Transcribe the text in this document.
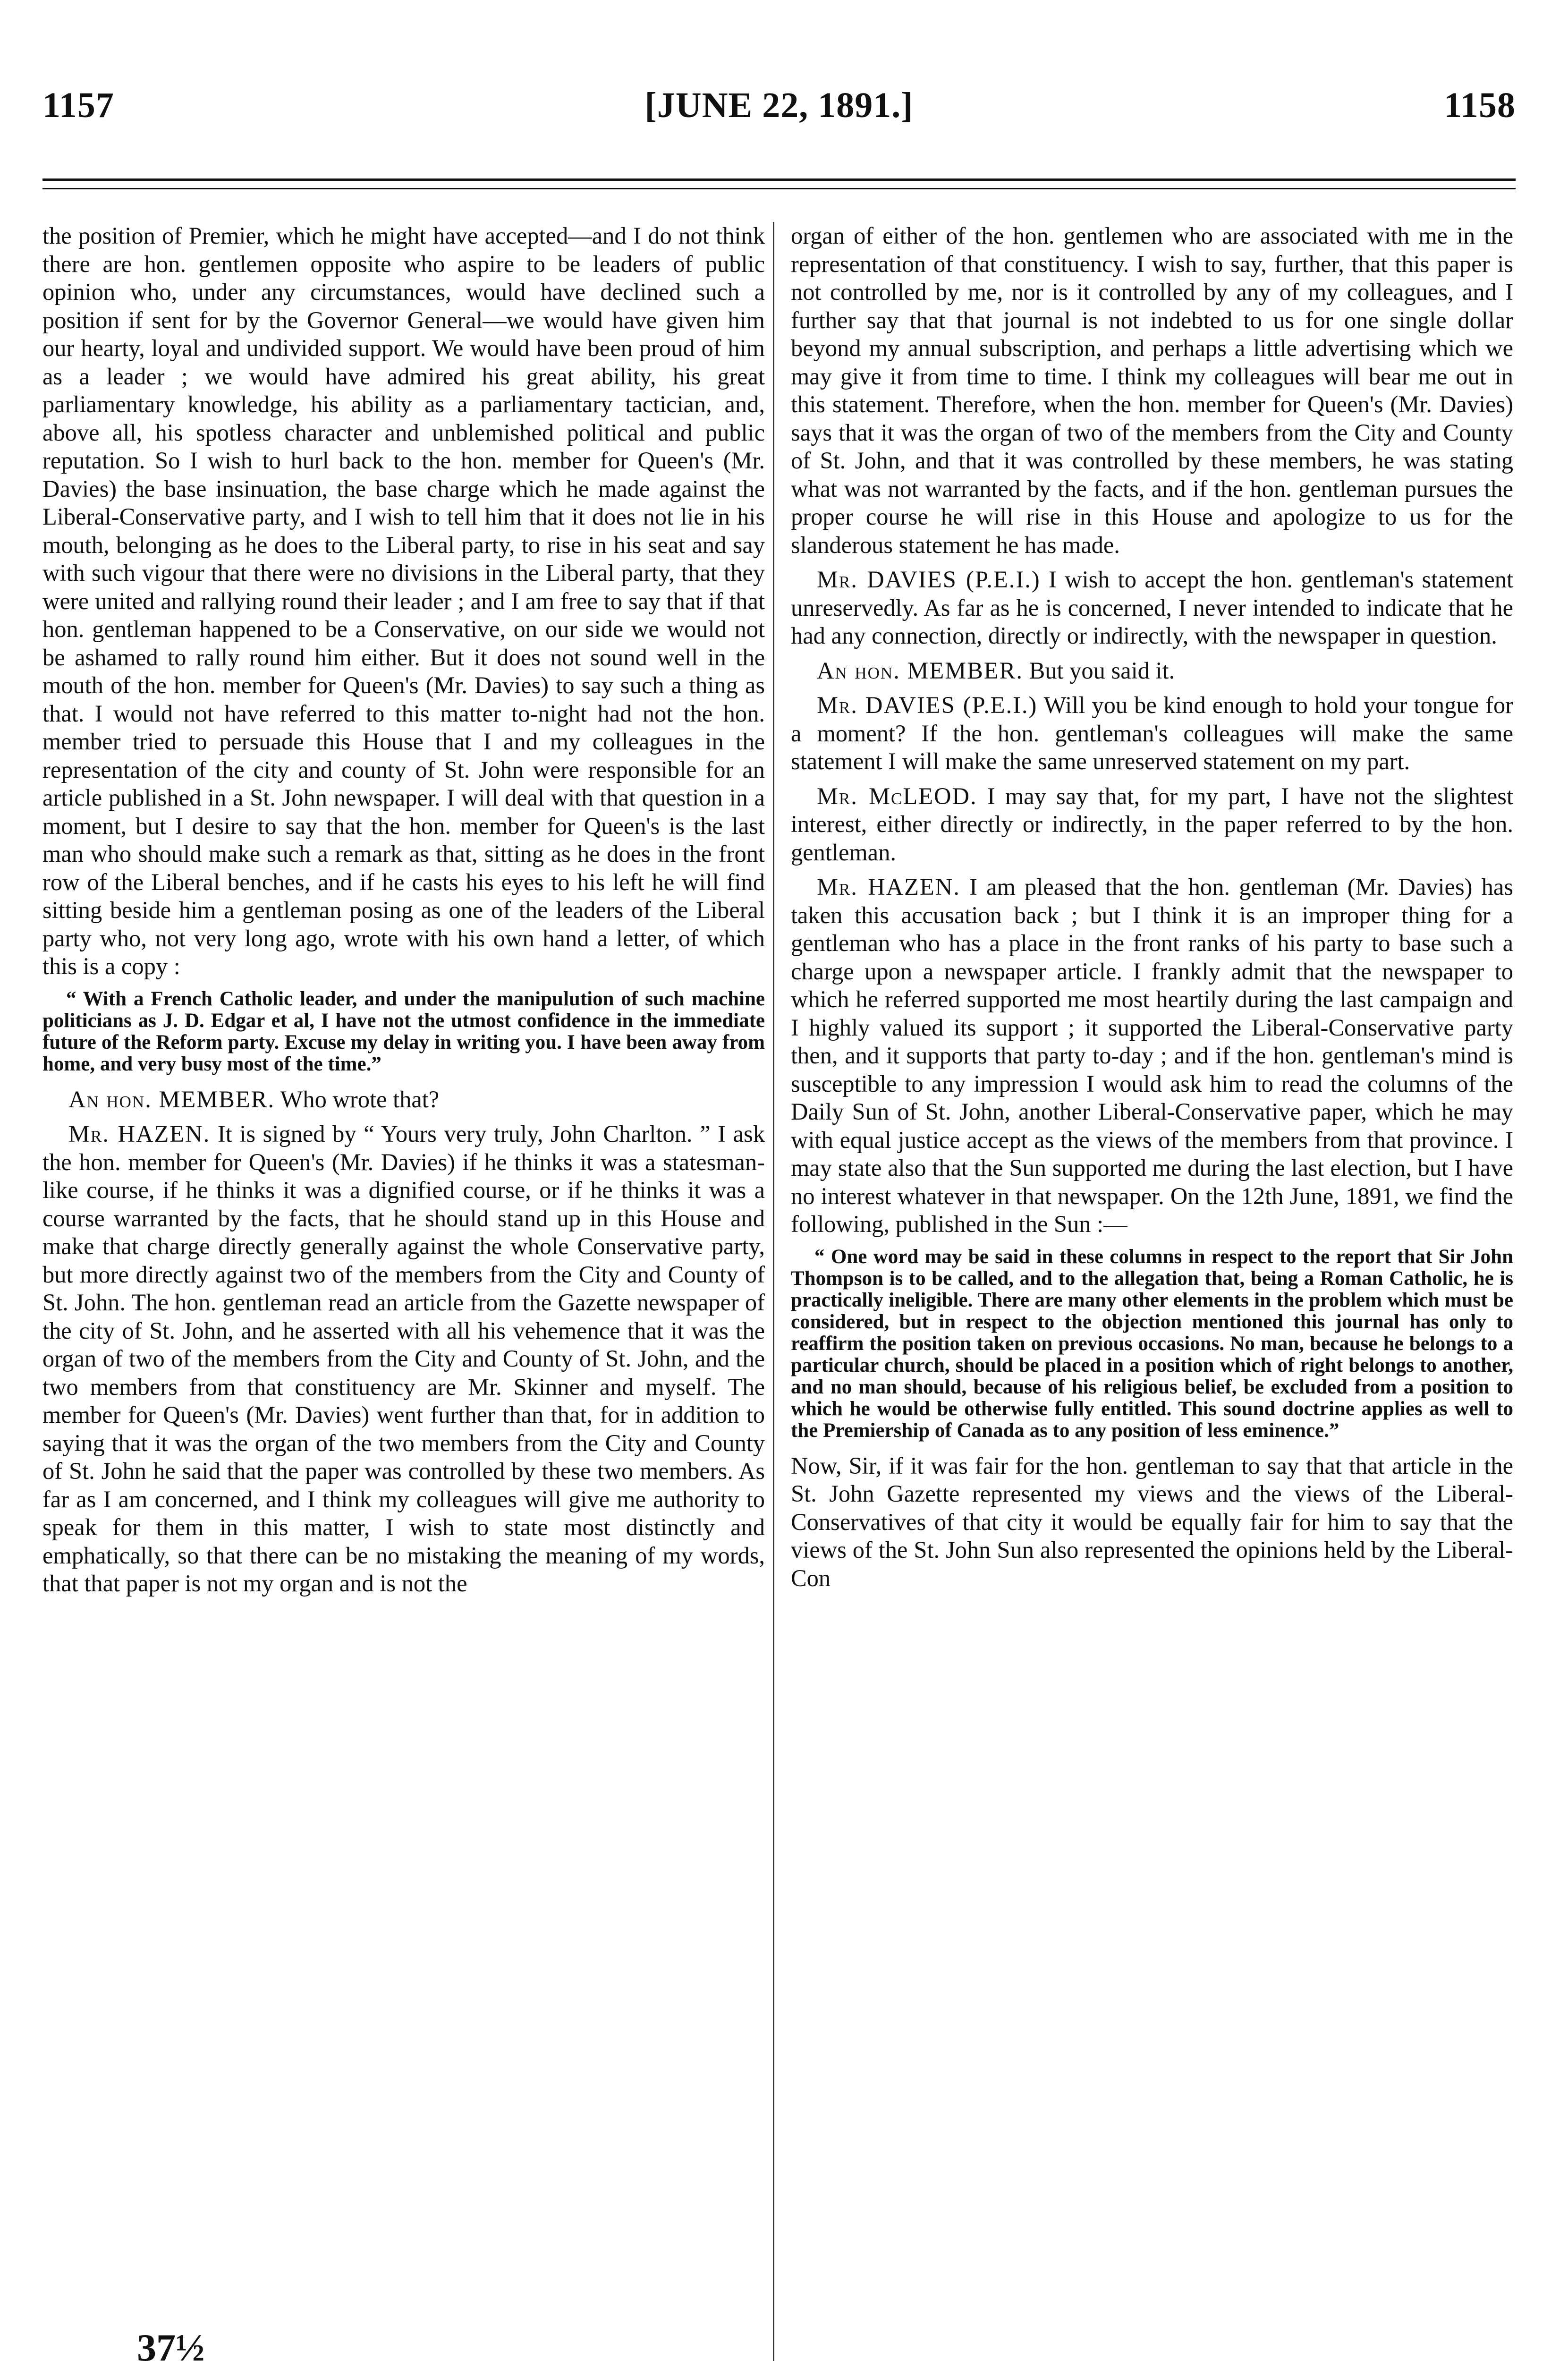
1157	[JUNE 22, 1891.]	1158

the position of Premier, which he might have accepted—and I do not think there are hon. gentlemen opposite who aspire to be leaders of public opinion who, under any circumstances, would have declined such a position if sent for by the Governor General—we would have given him our hearty, loyal and undivided support. We would have been proud of him as a leader ; we would have admired his great ability, his great parliamentary knowledge, his ability as a parliamentary tactician, and, above all, his spotless character and unblemished political and public reputation. So I wish to hurl back to the hon. member for Queen's (Mr. Davies) the base insinuation, the base charge which he made against the Liberal-Conservative party, and I wish to tell him that it does not lie in his mouth, belonging as he does to the Liberal party, to rise in his seat and say with such vigour that there were no divisions in the Liberal party, that they were united and rallying round their leader ; and I am free to say that if that hon. gentleman happened to be a Conservative, on our side we would not be ashamed to rally round him either. But it does not sound well in the mouth of the hon. member for Queen's (Mr. Davies) to say such a thing as that. I would not have referred to this matter to-night had not the hon. member tried to persuade this House that I and my colleagues in the representation of the city and county of St. John were responsible for an article published in a St. John newspaper. I will deal with that question in a moment, but I desire to say that the hon. member for Queen's is the last man who should make such a remark as that, sitting as he does in the front row of the Liberal benches, and if he casts his eyes to his left he will find sitting beside him a gentleman posing as one of the leaders of the Liberal party who, not very long ago, wrote with his own hand a letter, of which this is a copy :

“ With a French Catholic leader, and under the manipulution of such machine politicians as J. D. Edgar et al, I have not the utmost confidence in the immediate future of the Reform party. Excuse my delay in writing you. I have been away from home, and very busy most of the time.”

An hon. MEMBER. Who wrote that?

Mr. HAZEN. It is signed by “ Yours very truly, John Charlton. ” I ask the hon. member for Queen's (Mr. Davies) if he thinks it was a statesman-like course, if he thinks it was a dignified course, or if he thinks it was a course warranted by the facts, that he should stand up in this House and make that charge directly generally against the whole Conservative party, but more directly against two of the members from the City and County of St. John. The hon. gentleman read an article from the Gazette newspaper of the city of St. John, and he asserted with all his vehemence that it was the organ of two of the members from the City and County of St. John, and the two members from that constituency are Mr. Skinner and myself. The member for Queen's (Mr. Davies) went further than that, for in addition to saying that it was the organ of the two members from the City and County of St. John he said that the paper was controlled by these two members. As far as I am concerned, and I think my colleagues will give me authority to speak for them in this matter, I wish to state most distinctly and emphatically, so that there can be no mistaking the meaning of my words, that that paper is not my organ and is not the

organ of either of the hon. gentlemen who are associated with me in the representation of that constituency. I wish to say, further, that this paper is not controlled by me, nor is it controlled by any of my colleagues, and I further say that that journal is not indebted to us for one single dollar beyond my annual subscription, and perhaps a little advertising which we may give it from time to time. I think my colleagues will bear me out in this statement. Therefore, when the hon. member for Queen's (Mr. Davies) says that it was the organ of two of the members from the City and County of St. John, and that it was controlled by these members, he was stating what was not warranted by the facts, and if the hon. gentleman pursues the proper course he will rise in this House and apologize to us for the slanderous statement he has made.

Mr. DAVIES (P.E.I.) I wish to accept the hon. gentleman's statement unreservedly. As far as he is concerned, I never intended to indicate that he had any connection, directly or indirectly, with the newspaper in question.

An hon. MEMBER. But you said it.

Mr. DAVIES (P.E.I.) Will you be kind enough to hold your tongue for a moment? If the hon. gentleman's colleagues will make the same statement I will make the same unreserved statement on my part.

Mr. McLEOD. I may say that, for my part, I have not the slightest interest, either directly or indirectly, in the paper referred to by the hon. gentleman.

Mr. HAZEN. I am pleased that the hon. gentleman (Mr. Davies) has taken this accusation back ; but I think it is an improper thing for a gentleman who has a place in the front ranks of his party to base such a charge upon a newspaper article. I frankly admit that the newspaper to which he referred supported me most heartily during the last campaign and I highly valued its support ; it supported the Liberal-Conservative party then, and it supports that party to-day ; and if the hon. gentleman's mind is susceptible to any impression I would ask him to read the columns of the Daily Sun of St. John, another Liberal-Conservative paper, which he may with equal justice accept as the views of the members from that province. I may state also that the Sun supported me during the last election, but I have no interest whatever in that newspaper. On the 12th June, 1891, we find the following, published in the Sun :—

“ One word may be said in these columns in respect to the report that Sir John Thompson is to be called, and to the allegation that, being a Roman Catholic, he is practically ineligible. There are many other elements in the problem which must be considered, but in respect to the objection mentioned this journal has only to reaffirm the position taken on previous occasions. No man, because he belongs to a particular church, should be placed in a position which of right belongs to another, and no man should, because of his religious belief, be excluded from a position to which he would be otherwise fully entitled. This sound doctrine applies as well to the Premiership of Canada as to any position of less eminence.”

Now, Sir, if it was fair for the hon. gentleman to say that that article in the St. John Gazette represented my views and the views of the Liberal-Conservatives of that city it would be equally fair for him to say that the views of the St. John Sun also represented the opinions held by the Liberal-Con

37½
